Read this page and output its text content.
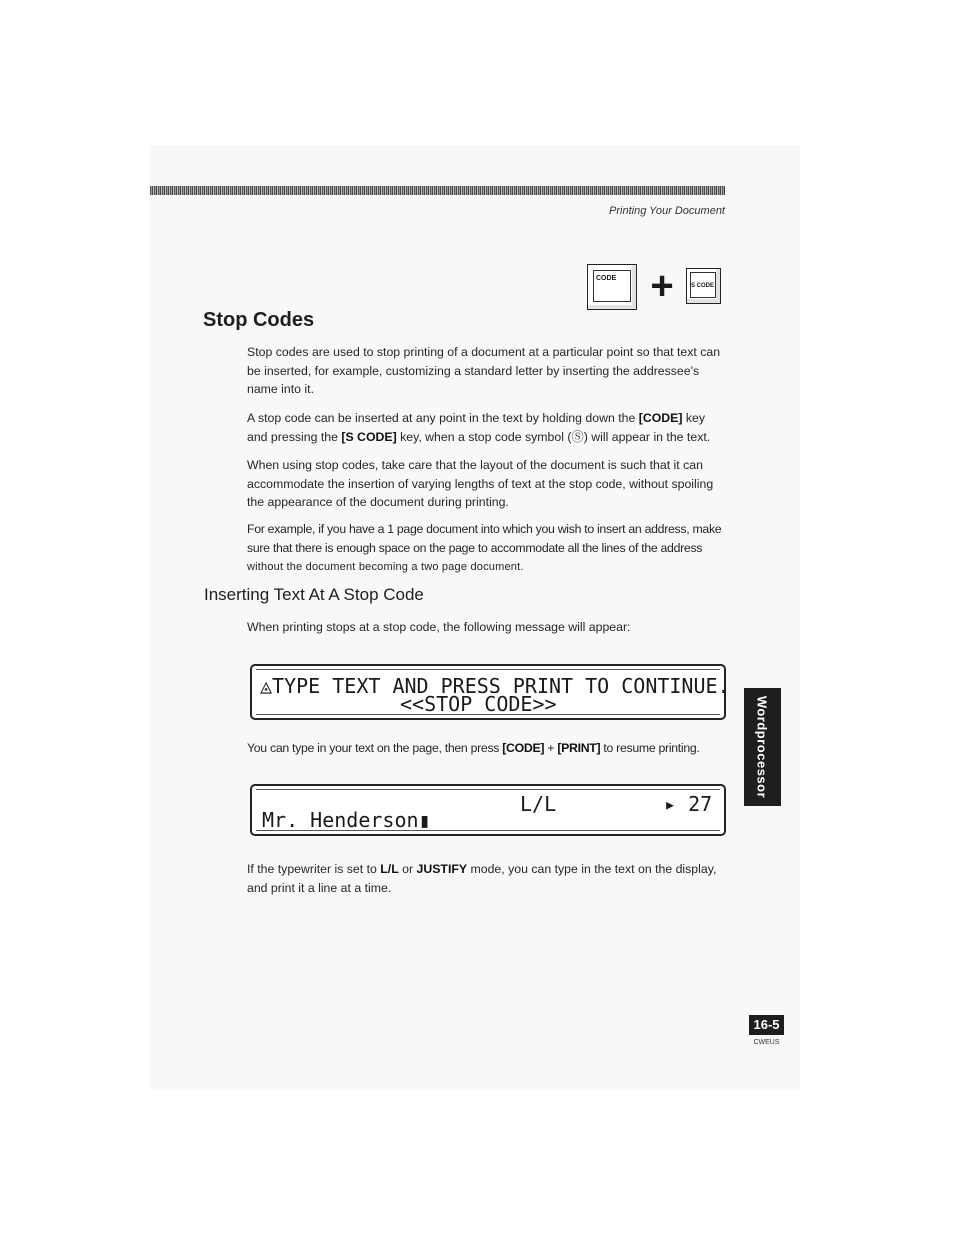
Printing Your Document
CODE +	S CODE
Stop Codes

Stop codes are used to stop printing of a document at a particular point so that text can be inserted, for example, customizing a standard letter by inserting the addressee's name into it.

A stop code can be inserted at any point in the text by holding down the [CODE] key and pressing the [S CODE] key, when a stop code symbol (Ⓢ) will appear in the text.

When using stop codes, take care that the layout of the document is such that it can accommodate the insertion of varying lengths of text at the stop code, without spoiling the appearance of the document during printing.

For example, if you have a 1 page document into which you wish to insert an address, make sure that there is enough space on the page to accommodate all the lines of the address without the document becoming a two page document.

Inserting Text At A Stop Code

When printing stops at a stop code, the following message will appear:

◬TYPE TEXT AND PRESS PRINT TO CONTINUE.
<<STOP CODE>>

You can type in your text on the page, then press [CODE] + [PRINT] to resume printing.

L/L	▸ 27
Mr. Henderson▮

If the typewriter is set to L/L or JUSTIFY mode, you can type in the text on the display, and print it a line at a time.

Wordprocessor
16-5
CWEUS
